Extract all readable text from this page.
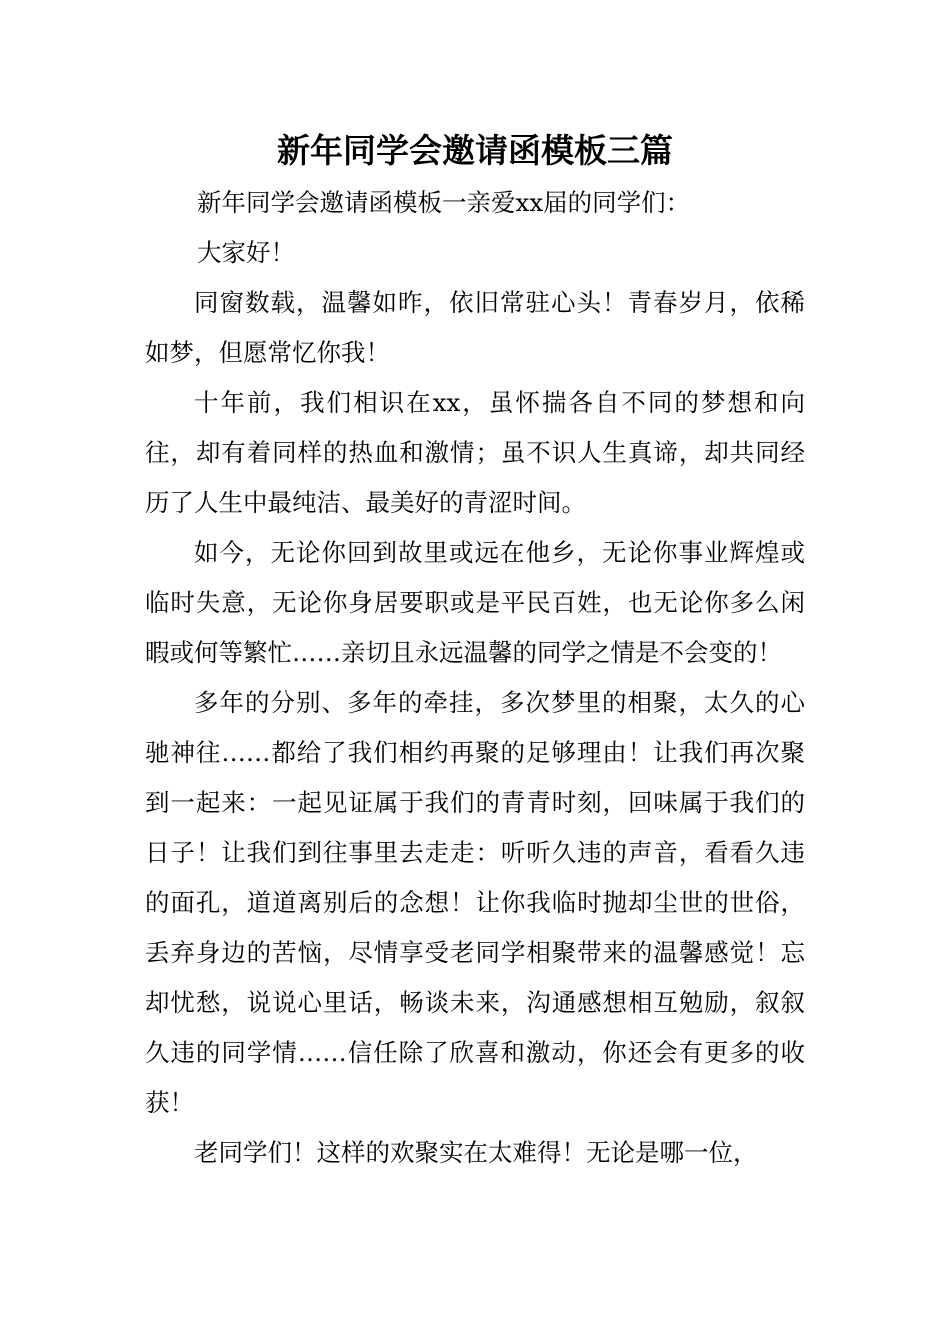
新年同学会邀请函模板三篇

新年同学会邀请函模板一亲爱xx届的同学们：

大家好！

同窗数载，温馨如昨，依旧常驻心头！青春岁月，依稀如梦，但愿常忆你我！

十年前，我们相识在xx，虽怀揣各自不同的梦想和向往，却有着同样的热血和激情；虽不识人生真谛，却共同经历了人生中最纯洁、最美好的青涩时间。

如今，无论你回到故里或远在他乡，无论你事业辉煌或临时失意，无论你身居要职或是平民百姓，也无论你多么闲暇或何等繁忙……亲切且永远温馨的同学之情是不会变的！

多年的分别、多年的牵挂，多次梦里的相聚，太久的心驰神往……都给了我们相约再聚的足够理由！让我们再次聚到一起来：一起见证属于我们的青青时刻，回味属于我们的日子！让我们到往事里去走走：听听久违的声音，看看久违的面孔，道道离别后的念想！让你我临时抛却尘世的世俗，丢弃身边的苦恼，尽情享受老同学相聚带来的温馨感觉！忘却忧愁，说说心里话，畅谈未来，沟通感想相互勉励，叙叙久违的同学情……信任除了欣喜和激动，你还会有更多的收获！

老同学们！这样的欢聚实在太难得！无论是哪一位，
